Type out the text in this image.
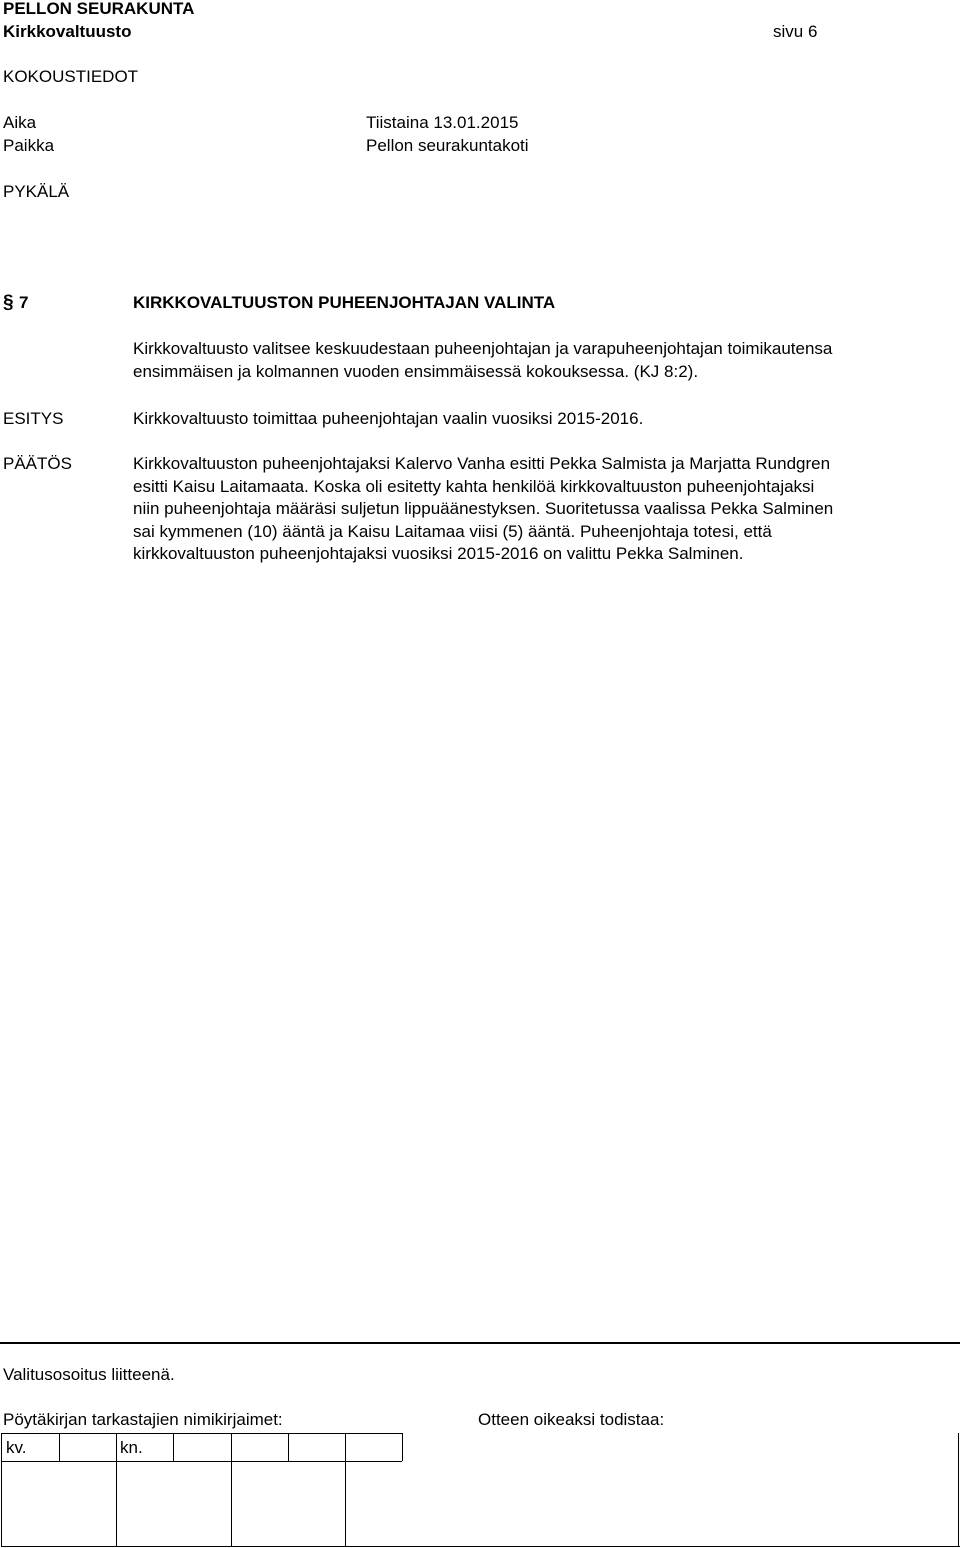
PELLON SEURAKUNTA
Kirkkovaltuusto	sivu 6
KOKOUSTIEDOT
Aika	Tiistaina 13.01.2015
Paikka	Pellon seurakuntakoti
PYKÄLÄ
§ 7	KIRKKOVALTUUSTON PUHEENJOHTAJAN VALINTA
Kirkkovaltuusto valitsee keskuudestaan puheenjohtajan ja varapuheenjohtajan toimikautensa
ensimmäisen ja kolmannen vuoden ensimmäisessä kokouksessa. (KJ 8:2).
ESITYS	Kirkkovaltuusto toimittaa puheenjohtajan vaalin vuosiksi 2015-2016.
PÄÄTÖS	Kirkkovaltuuston puheenjohtajaksi Kalervo Vanha esitti Pekka Salmista ja Marjatta Rundgren
esitti Kaisu Laitamaata. Koska oli esitetty kahta henkilöä kirkkovaltuuston puheenjohtajaksi
niin puheenjohtaja määräsi suljetun lippuäänestyksen. Suoritetussa vaalissa Pekka Salminen
sai kymmenen (10) ääntä ja Kaisu Laitamaa viisi (5) ääntä. Puheenjohtaja totesi, että
kirkkovaltuuston puheenjohtajaksi vuosiksi 2015-2016 on valittu Pekka Salminen.
Valitusosoitus liitteenä.
Pöytäkirjan tarkastajien nimikirjaimet:	Otteen oikeaksi todistaa:
kv.	kn.
